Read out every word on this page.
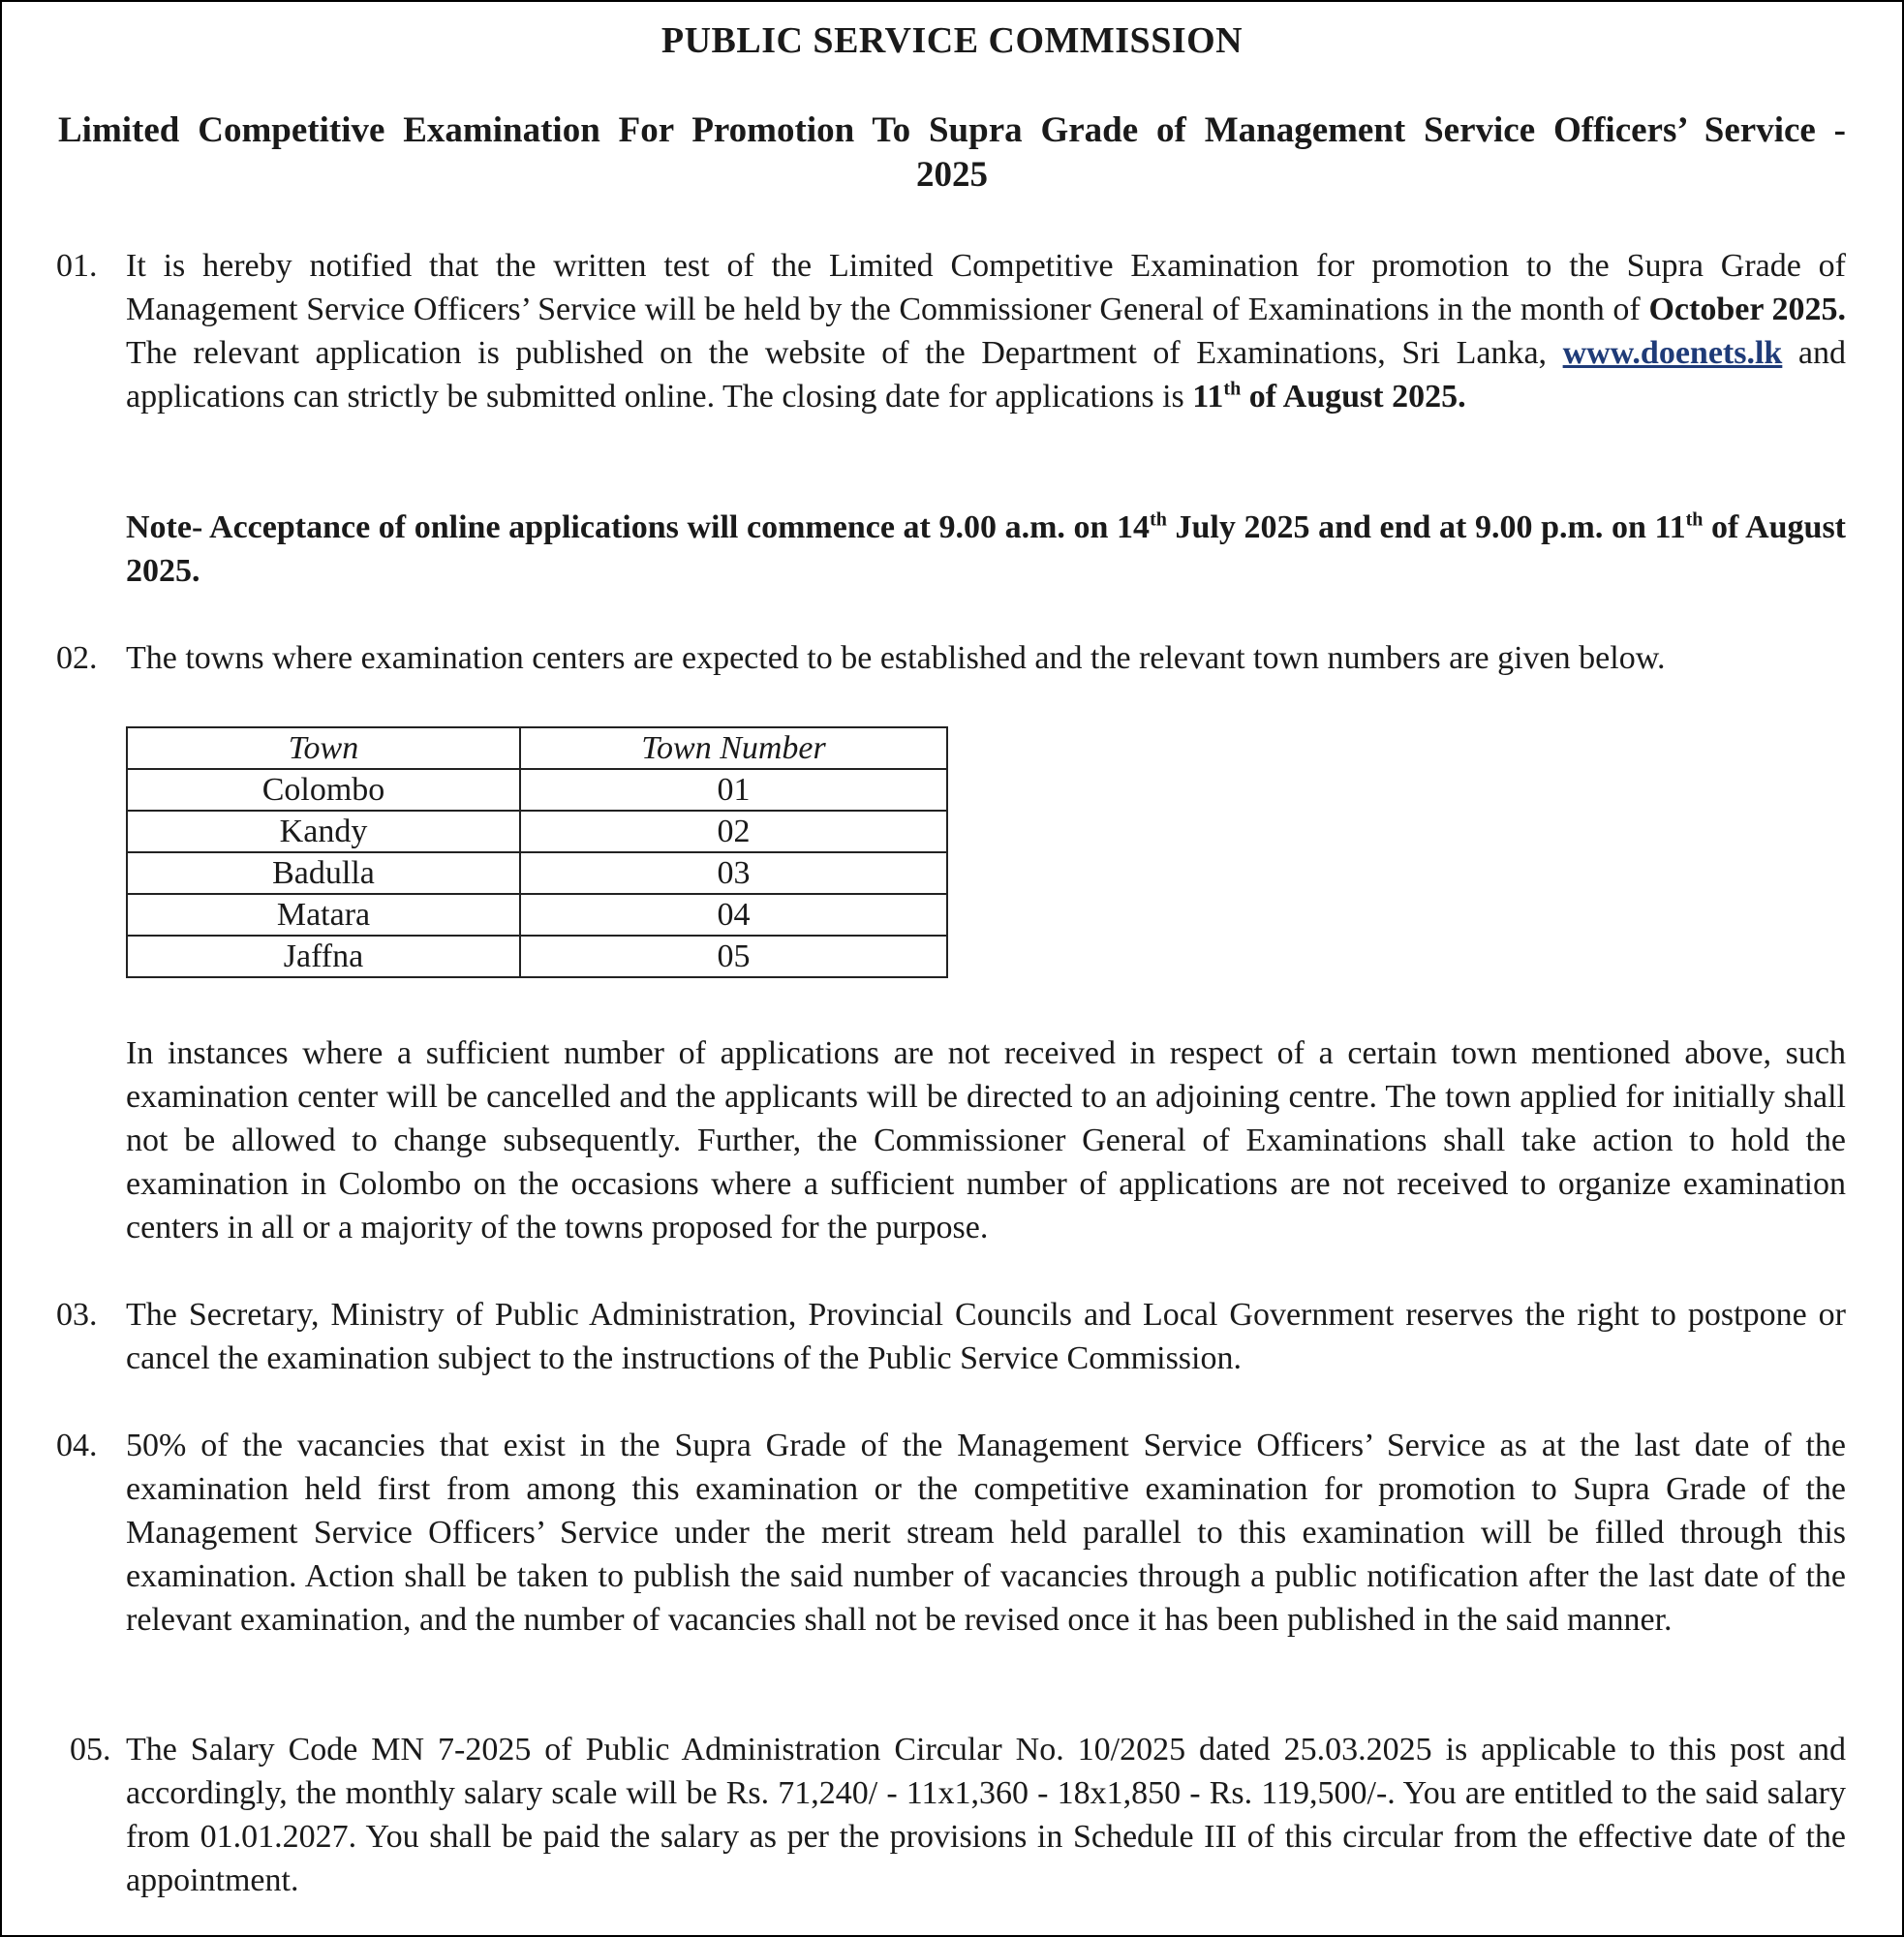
PUBLIC SERVICE COMMISSION
Limited Competitive Examination For Promotion To Supra Grade of Management Service Officers’ Service - 2025
01. It is hereby notified that the written test of the Limited Competitive Examination for promotion to the Supra Grade of Management Service Officers’ Service will be held by the Commissioner General of Examinations in the month of October 2025. The relevant application is published on the website of the Department of Examinations, Sri Lanka, www.doenets.lk and applications can strictly be submitted online. The closing date for applications is 11th of August 2025.
Note- Acceptance of online applications will commence at 9.00 a.m. on 14th July 2025 and end at 9.00 p.m. on 11th of August 2025.
02. The towns where examination centers are expected to be established and the relevant town numbers are given below.
Town	Town Number
Colombo	01
Kandy	02
Badulla	03
Matara	04
Jaffna	05
In instances where a sufficient number of applications are not received in respect of a certain town mentioned above, such examination center will be cancelled and the applicants will be directed to an adjoining centre. The town applied for initially shall not be allowed to change subsequently. Further, the Commissioner General of Examinations shall take action to hold the examination in Colombo on the occasions where a sufficient number of applications are not received to organize examination centers in all or a majority of the towns proposed for the purpose.
03. The Secretary, Ministry of Public Administration, Provincial Councils and Local Government reserves the right to postpone or cancel the examination subject to the instructions of the Public Service Commission.
04. 50% of the vacancies that exist in the Supra Grade of the Management Service Officers’ Service as at the last date of the examination held first from among this examination or the competitive examination for promotion to Supra Grade of the Management Service Officers’ Service under the merit stream held parallel to this examination will be filled through this examination. Action shall be taken to publish the said number of vacancies through a public notification after the last date of the relevant examination, and the number of vacancies shall not be revised once it has been published in the said manner.
05. The Salary Code MN 7-2025 of Public Administration Circular No. 10/2025 dated 25.03.2025 is applicable to this post and accordingly, the monthly salary scale will be Rs. 71,240/ - 11x1,360 - 18x1,850 - Rs. 119,500/-. You are entitled to the said salary from 01.01.2027. You shall be paid the salary as per the provisions in Schedule III of this circular from the effective date of the appointment.
